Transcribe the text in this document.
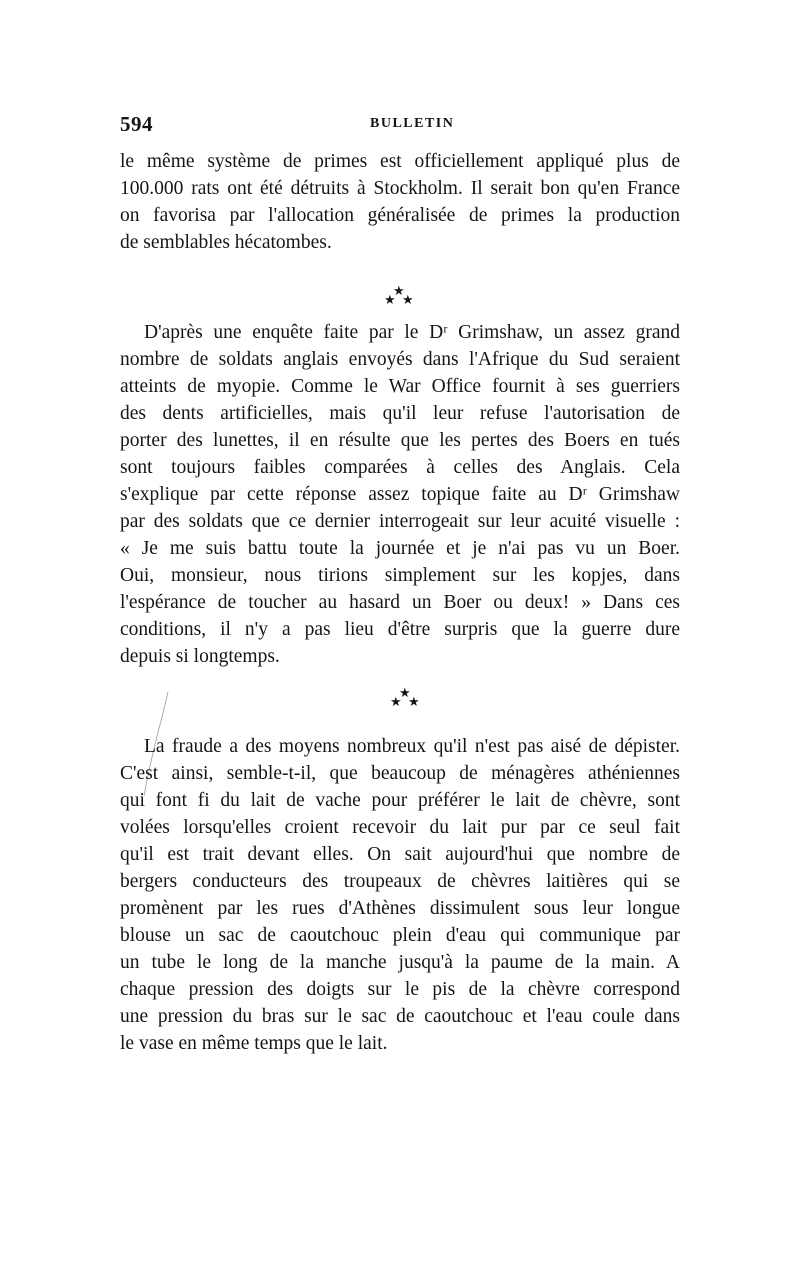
594	BULLETIN
le même système de primes est officiellement appliqué plus de
100.000 rats ont été détruits à Stockholm. Il serait bon qu'en France
on favorisa par l'allocation généralisée de primes la production
de semblables hécatombes.
★
★ ★
D'après une enquête faite par le Dʳ Grimshaw, un assez grand
nombre de soldats anglais envoyés dans l'Afrique du Sud seraient
atteints de myopie. Comme le War Office fournit à ses guerriers
des dents artificielles, mais qu'il leur refuse l'autorisation de
porter des lunettes, il en résulte que les pertes des Boers en tués
sont toujours faibles comparées à celles des Anglais. Cela
s'explique par cette réponse assez topique faite au Dʳ Grimshaw
par des soldats que ce dernier interrogeait sur leur acuité visuelle :
« Je me suis battu toute la journée et je n'ai pas vu un Boer.
Oui, monsieur, nous tirions simplement sur les kopjes, dans
l'espérance de toucher au hasard un Boer ou deux! » Dans ces
conditions, il n'y a pas lieu d'être surpris que la guerre dure
depuis si longtemps.
★
★ ★
La fraude a des moyens nombreux qu'il n'est pas aisé de dépister.
C'est ainsi, semble-t-il, que beaucoup de ménagères athéniennes
qui font fi du lait de vache pour préférer le lait de chèvre, sont
volées lorsqu'elles croient recevoir du lait pur par ce seul fait
qu'il est trait devant elles. On sait aujourd'hui que nombre de
bergers conducteurs des troupeaux de chèvres laitières qui se
promènent par les rues d'Athènes dissimulent sous leur longue
blouse un sac de caoutchouc plein d'eau qui communique par
un tube le long de la manche jusqu'à la paume de la main. A
chaque pression des doigts sur le pis de la chèvre correspond
une pression du bras sur le sac de caoutchouc et l'eau coule dans
le vase en même temps que le lait.
